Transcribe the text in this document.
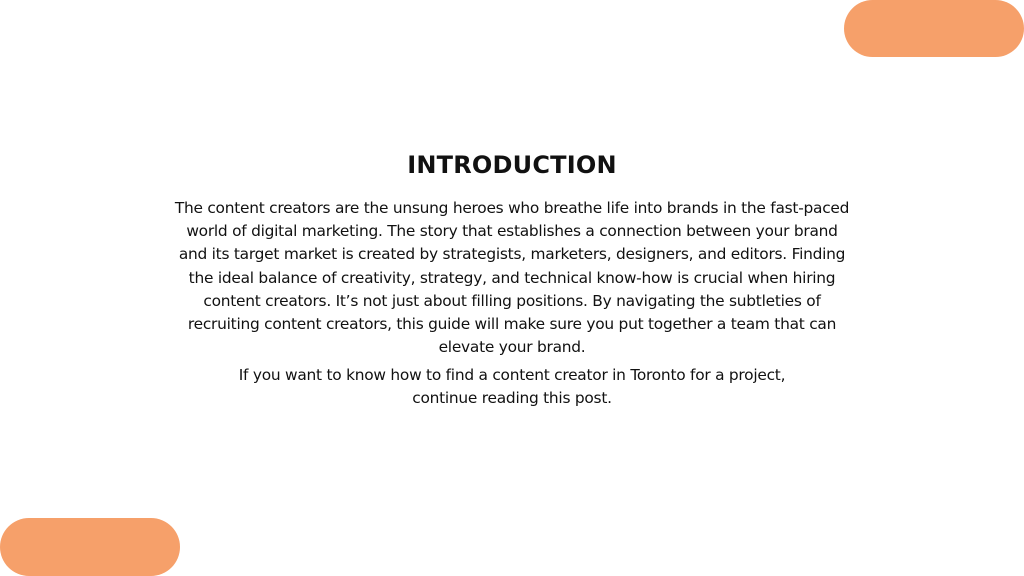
INTRODUCTION

The content creators are the unsung heroes who breathe life into brands in the fast-paced world of digital marketing. The story that establishes a connection between your brand and its target market is created by strategists, marketers, designers, and editors. Finding the ideal balance of creativity, strategy, and technical know-how is crucial when hiring content creators. It’s not just about filling positions. By navigating the subtleties of recruiting content creators, this guide will make sure you put together a team that can elevate your brand.

If you want to know how to find a content creator in Toronto for a project, continue reading this post.
